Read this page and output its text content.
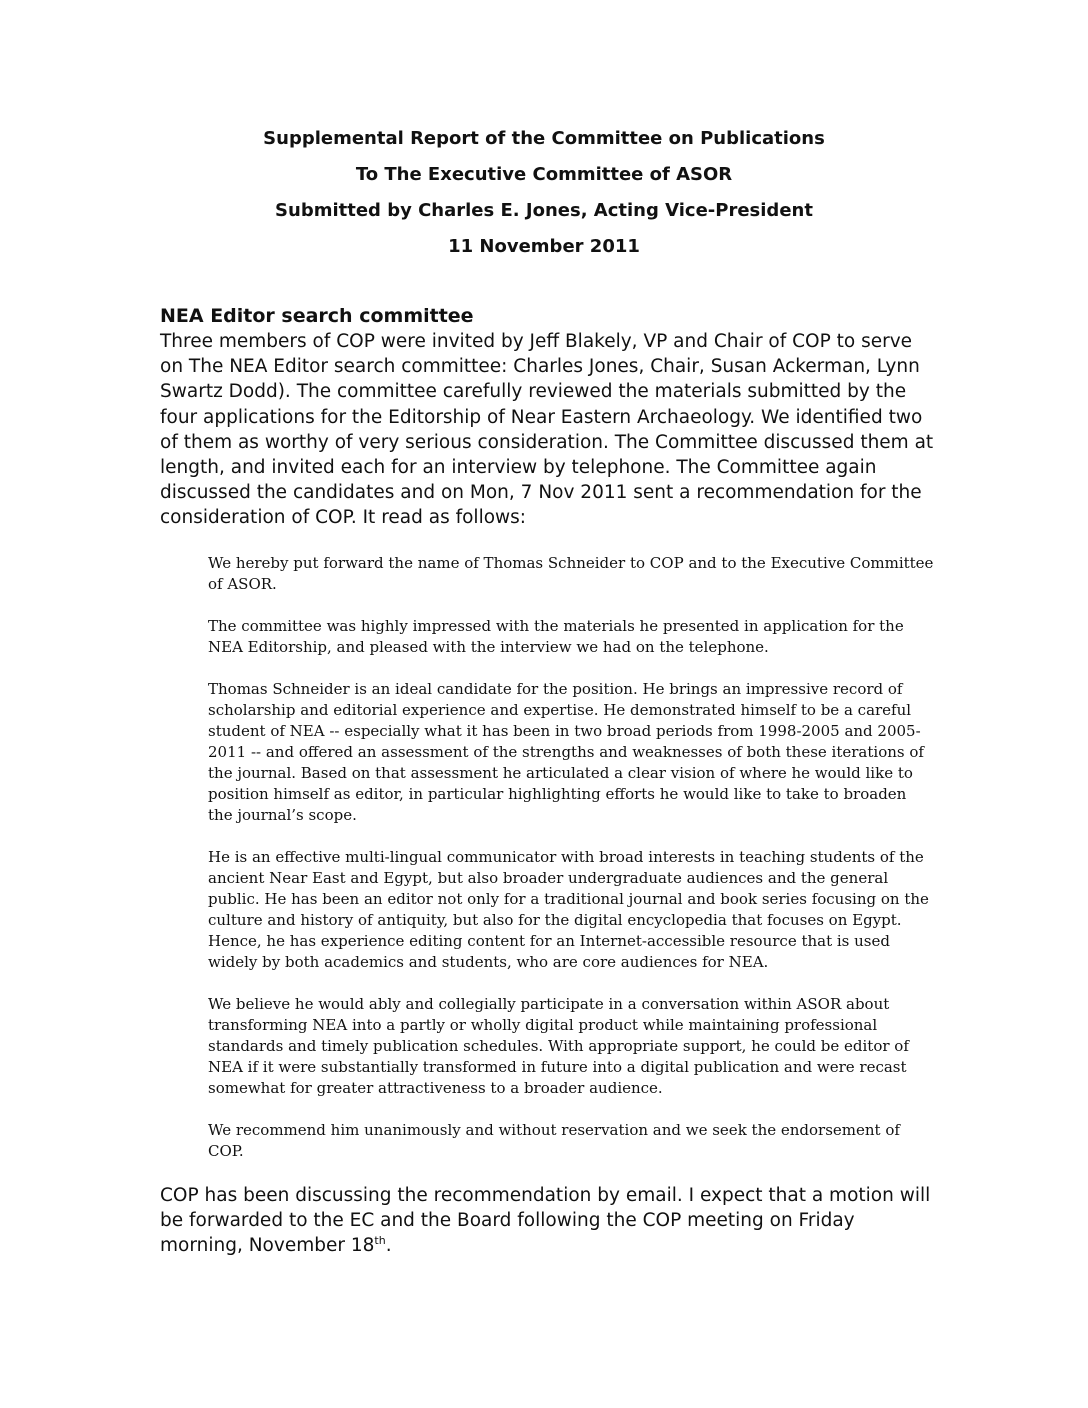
Supplemental Report of the Committee on Publications
To The Executive Committee of ASOR
Submitted by Charles E. Jones, Acting Vice-President
11 November 2011
NEA Editor search committee

Three members of COP were invited by Jeff Blakely, VP and Chair of COP to serve on The NEA Editor search committee: Charles Jones, Chair, Susan Ackerman, Lynn Swartz Dodd). The committee carefully reviewed the materials submitted by the four applications for the Editorship of Near Eastern Archaeology. We identified two of them as worthy of very serious consideration. The Committee discussed them at length, and invited each for an interview by telephone. The Committee again discussed the candidates and on Mon, 7 Nov 2011 sent a recommendation for the consideration of COP. It read as follows:

We hereby put forward the name of Thomas Schneider to COP and to the Executive Committee of ASOR.

The committee was highly impressed with the materials he presented in application for the NEA Editorship, and pleased with the interview we had on the telephone.

Thomas Schneider is an ideal candidate for the position. He brings an impressive record of scholarship and editorial experience and expertise. He demonstrated himself to be a careful student of NEA -- especially what it has been in two broad periods from 1998-2005 and 2005-2011 -- and offered an assessment of the strengths and weaknesses of both these iterations of the journal. Based on that assessment he articulated a clear vision of where he would like to position himself as editor, in particular highlighting efforts he would like to take to broaden the journal’s scope.

He is an effective multi-lingual communicator with broad interests in teaching students of the ancient Near East and Egypt, but also broader undergraduate audiences and the general public. He has been an editor not only for a traditional journal and book series focusing on the culture and history of antiquity, but also for the digital encyclopedia that focuses on Egypt. Hence, he has experience editing content for an Internet-accessible resource that is used widely by both academics and students, who are core audiences for NEA.

We believe he would ably and collegially participate in a conversation within ASOR about transforming NEA into a partly or wholly digital product while maintaining professional standards and timely publication schedules. With appropriate support, he could be editor of NEA if it were substantially transformed in future into a digital publication and were recast somewhat for greater attractiveness to a broader audience.

We recommend him unanimously and without reservation and we seek the endorsement of COP.

COP has been discussing the recommendation by email. I expect that a motion will be forwarded to the EC and the Board following the COP meeting on Friday morning, November 18th.
